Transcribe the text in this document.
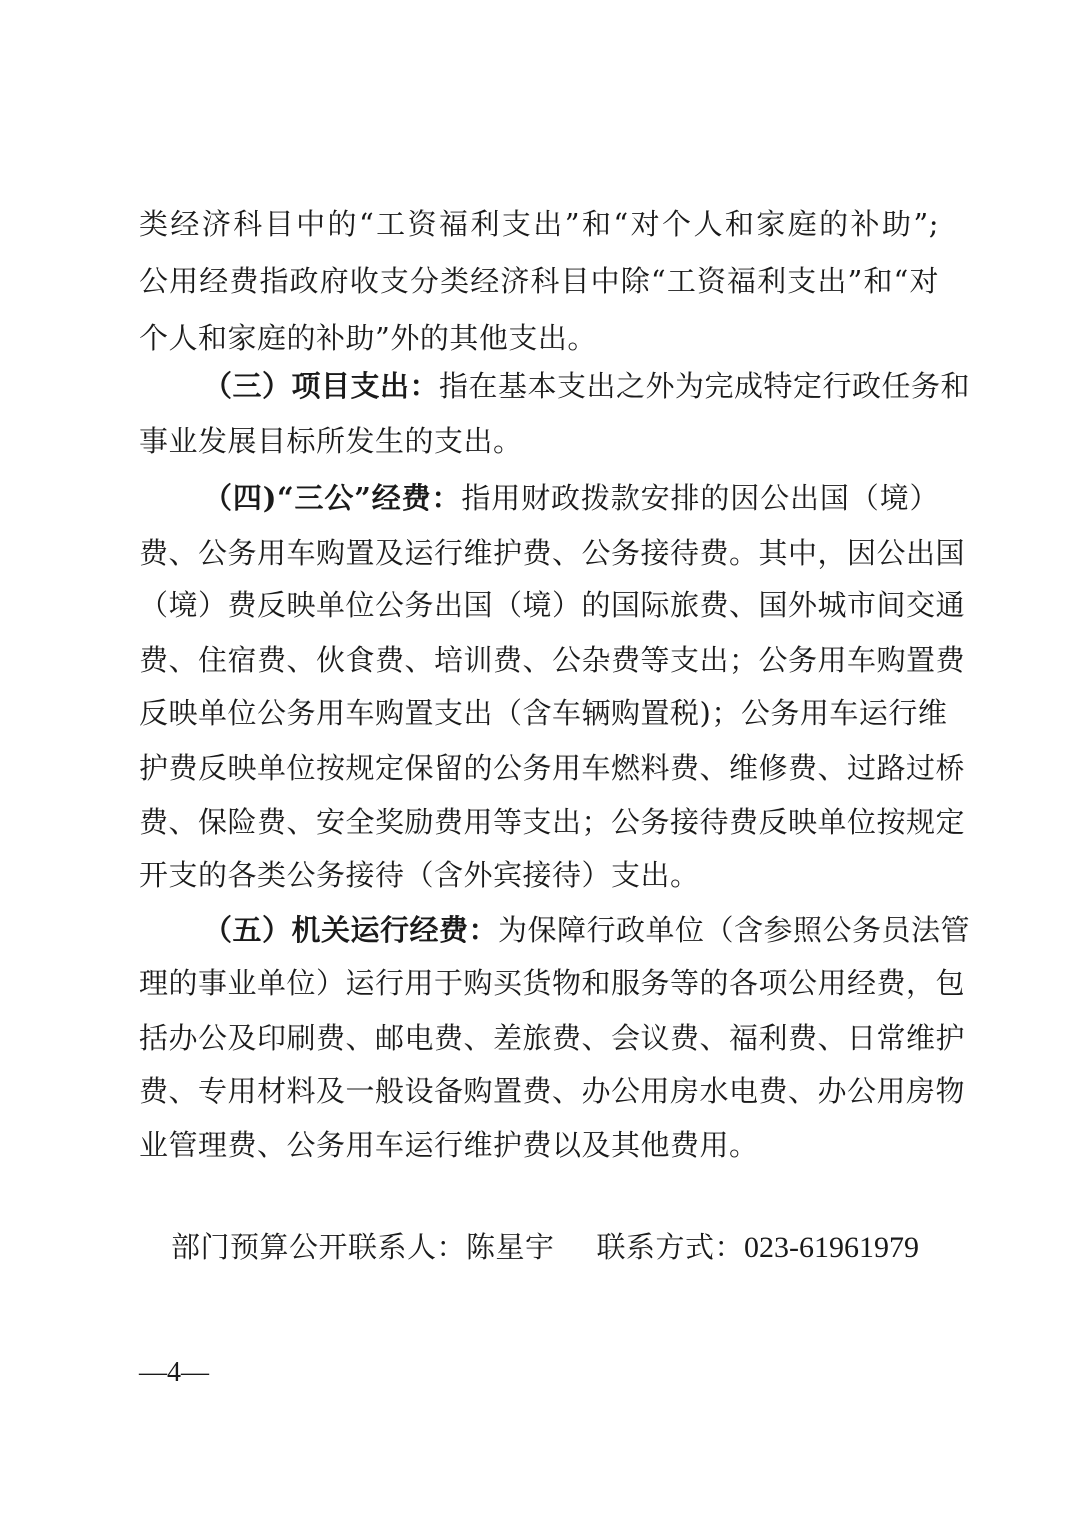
类经济科目中的“工资福利支出”和“对个人和家庭的补助”;
公用经费指政府收支分类经济科目中除“工资福利支出”和“对
个人和家庭的补助”外的其他支出。
（三）项目支出：指在基本支出之外为完成特定行政任务和
事业发展目标所发生的支出。
（四)“三公”经费：指用财政拨款安排的因公出国（境）
费、公务用车购置及运行维护费、公务接待费。其中，因公出国
（境）费反映单位公务出国（境）的国际旅费、国外城市间交通
费、住宿费、伙食费、培训费、公杂费等支出；公务用车购置费
反映单位公务用车购置支出（含车辆购置税)；公务用车运行维
护费反映单位按规定保留的公务用车燃料费、维修费、过路过桥
费、保险费、安全奖励费用等支出；公务接待费反映单位按规定
开支的各类公务接待（含外宾接待）支出。
（五）机关运行经费：为保障行政单位（含参照公务员法管
理的事业单位）运行用于购买货物和服务等的各项公用经费，包
括办公及印刷费、邮电费、差旅费、会议费、福利费、日常维护
费、专用材料及一般设备购置费、办公用房水电费、办公用房物
业管理费、公务用车运行维护费以及其他费用。
部门预算公开联系人：陈星宇 联系方式：023-61961979
—4—
